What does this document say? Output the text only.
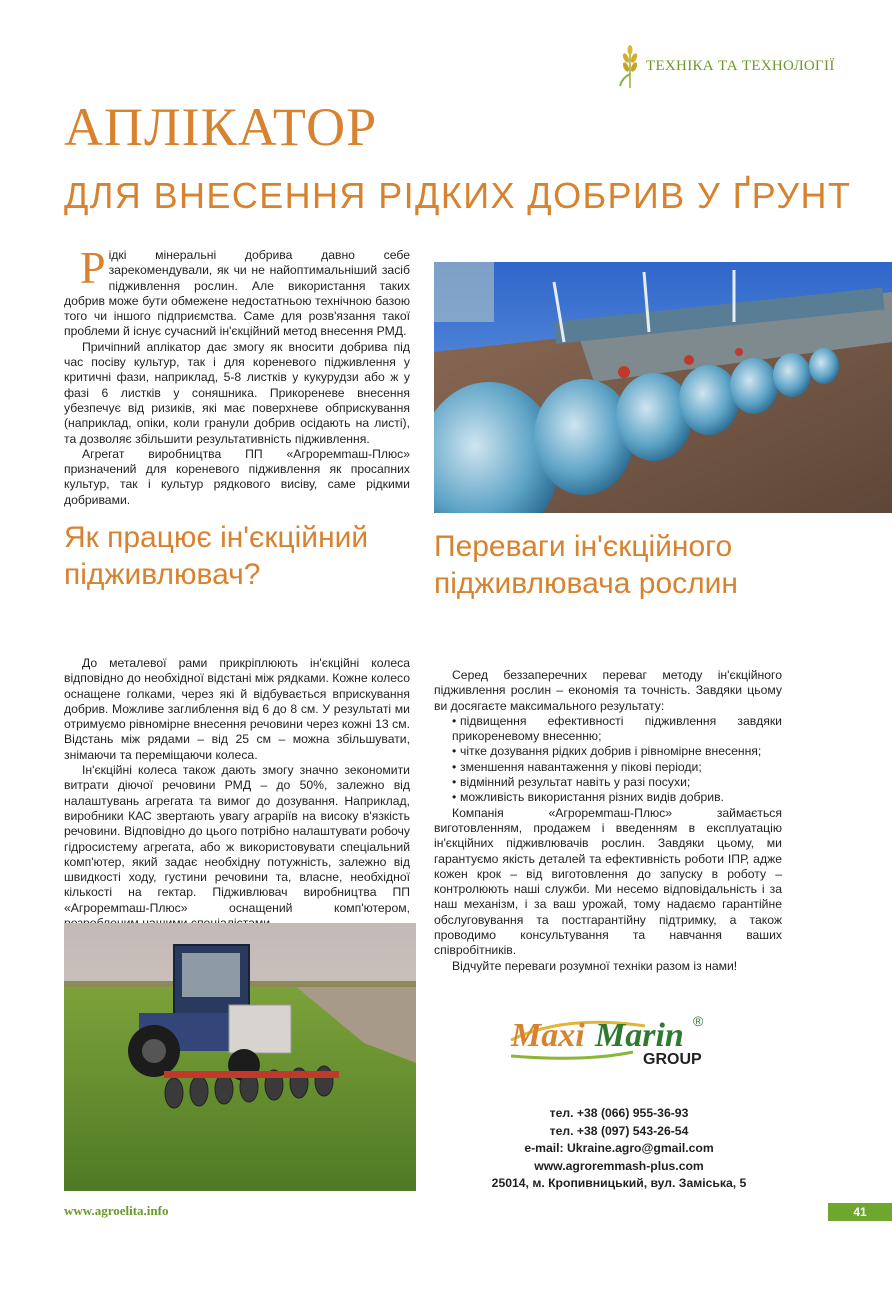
ТЕХНІКА ТА ТЕХНОЛОГІЇ
АПЛІКАТОР
ДЛЯ ВНЕСЕННЯ РІДКИХ ДОБРИВ У ҐРУНТ

Рідкі мінеральні добрива давно себе зарекомендували, як чи не найоптимальніший засіб підживлення рослин. Але використання таких добрив може бути обмежене недостатньою технічною базою того чи іншого підприємства. Саме для розв'язання такої проблеми й існує сучасний ін'єкційний метод внесення РМД.

Причіпний аплікатор дає змогу як вносити добрива під час посіву культур, так і для кореневого підживлення у критичні фази, наприклад, 5-8 листків у кукурудзи або ж у фазі 6 листків у соняшника. Прикореневе внесення убезпечує від ризиків, які має поверхневе обприскування (наприклад, опіки, коли гранули добрив осідають на листі), та дозволяє збільшити результативність підживлення.

Агрегат виробництва ПП «Агроремmаш-Плюс» призначений для кореневого підживлення як просапних культур, так і культур рядкового висіву, саме рідкими добривами.

Як працює ін'єкційний підживлювач?

До металевої рами прикріплюють ін'єкційні колеса відповідно до необхідної відстані між рядками. Кожне колесо оснащене голками, через які й відбувається вприскування добрив. Можливе заглиблення від 6 до 8 см. У результаті ми отримуємо рівномірне внесення речовини через кожні 13 см. Відстань між рядами – від 25 см – можна збільшувати, знімаючи та переміщаючи колеса.

Ін'єкційні колеса також дають змогу значно зекономити витрати діючої речовини РМД – до 50%, залежно від налаштувань агрегата та вимог до дозування. Наприклад, виробники КАС звертають увагу аграріїв на високу в'язкість речовини. Відповідно до цього потрібно налаштувати робочу гідросистему агрегата, або ж використовувати спеціальний комп'ютер, який задає необхідну потужність, залежно від швидкості ходу, густини речовини та, власне, необхідної кількості на гектар. Підживлювач виробництва ПП «Агроремmаш-Плюс» оснащений комп'ютером,

Переваги ін'єкційного підживлювача рослин

Серед беззаперечних переваг методу ін'єкційного підживлення рослин – економія та точність. Завдяки цьому ви досягаєте максимального результату:

• підвищення ефективності підживлення завдяки прикореневому внесенню;
• чітке дозування рідких добрив і рівномірне внесення;
• зменшення навантаження у пікові періоди;
• відмінний результат навіть у разі посухи;
• можливість використання різних видів добрив.

Компанія «Агроремmаш-Плюс» займається виготовленням, продажем і введенням в експлуатацію ін'єкційних підживлювачів рослин. Завдяки цьому, ми гарантуємо якість деталей та ефективність роботи ІПР, адже кожен крок – від виготовлення до запуску в роботу – контролюють наші служби. Ми несемо відповідальність і за наш механізм, і за ваш урожай, тому надаємо гарантійне обслуговування та постгарантійну підтримку, а також проводимо консультування та навчання ваших співробітників.

Відчуйте переваги розумної техніки разом із нами!

Maxi Marin ®
GROUP
тел. +38 (066) 955-36-93
тел. +38 (097) 543-26-54
e-mail: Ukraine.agro@gmail.com
www.agroremmash-plus.com
25014, м. Кропивницький, вул. Заміська, 5
www.agroelita.info	41
